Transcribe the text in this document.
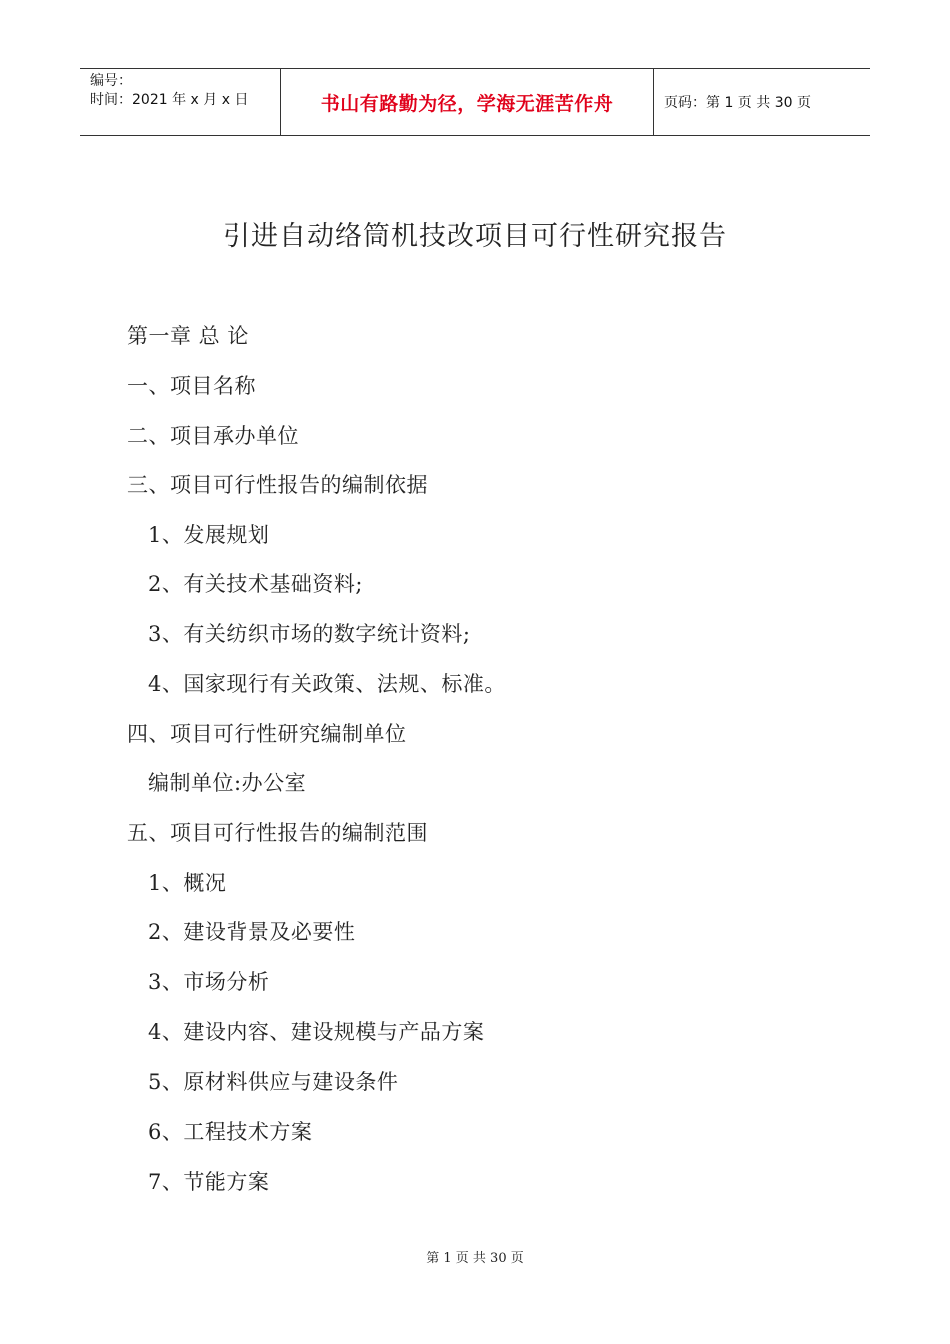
编号：
时间：2021 年 x 月 x 日	书山有路勤为径，学海无涯苦作舟	页码：第 1 页 共 30 页
引进自动络筒机技改项目可行性研究报告
第一章 总 论
一、项目名称
二、项目承办单位
三、项目可行性报告的编制依据
1、发展规划
2、有关技术基础资料;
3、有关纺织市场的数字统计资料;
4、国家现行有关政策、法规、标准。
四、项目可行性研究编制单位
编制单位:办公室
五、项目可行性报告的编制范围
1、概况
2、建设背景及必要性
3、市场分析
4、建设内容、建设规模与产品方案
5、原材料供应与建设条件
6、工程技术方案
7、节能方案
第 1 页 共 30 页
